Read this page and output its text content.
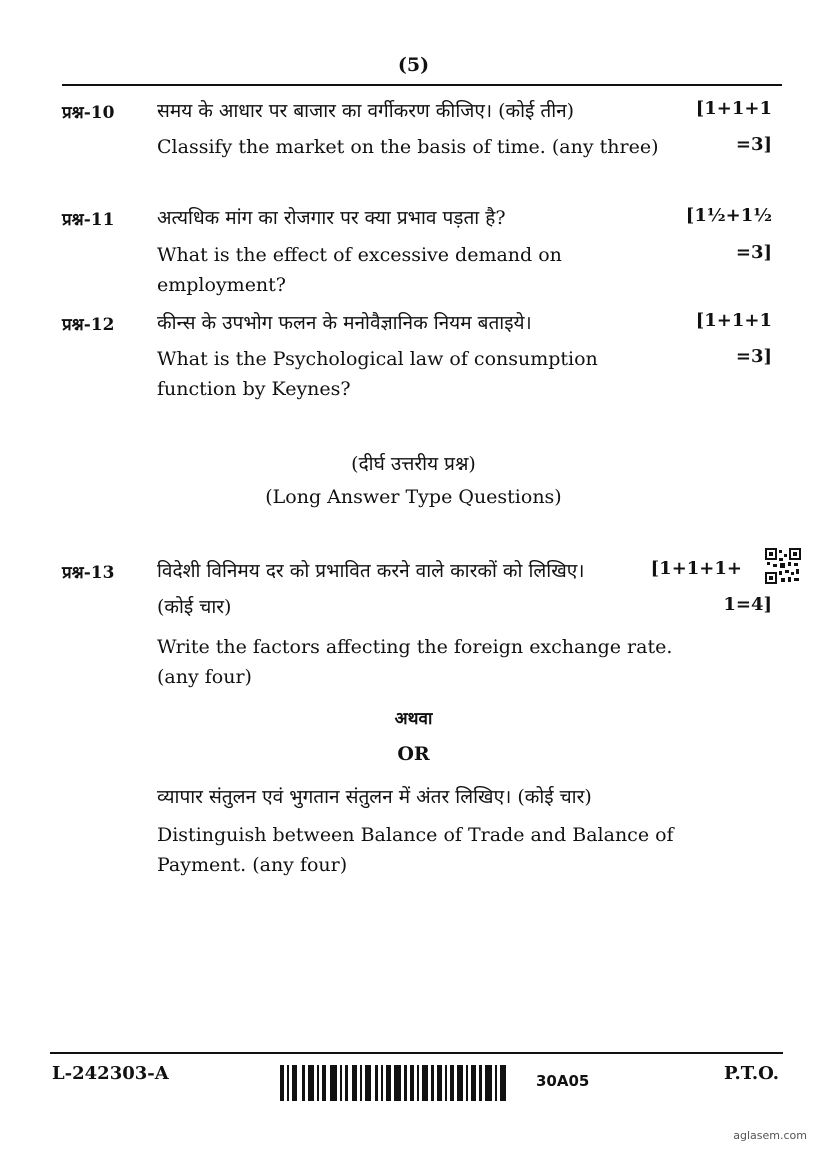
(5)
प्रश्न-10 समय के आधार पर बाजार का वर्गीकरण कीजिए। (कोई तीन)
Classify the market on the basis of time. (any three)
[1+1+1
=3]
प्रश्न-11 अत्यधिक मांग का रोजगार पर क्या प्रभाव पड़ता है?
What is the effect of excessive demand on employment?
[1½+1½
=3]
प्रश्न-12 कीन्स के उपभोग फलन के मनोवैज्ञानिक नियम बताइये।
What is the Psychological law of consumption function by Keynes?
[1+1+1
=3]
(दीर्घ उत्तरीय प्रश्न)
(Long Answer Type Questions)
प्रश्न-13 विदेशी विनिमय दर को प्रभावित करने वाले कारकों को लिखिए।
(कोई चार)
Write the factors affecting the foreign exchange rate. (any four)
[1+1+1+
1=4]
अथवा
OR
व्यापार संतुलन एवं भुगतान संतुलन में अंतर लिखिए। (कोई चार)
Distinguish between Balance of Trade and Balance of Payment. (any four)
L-242303-A	30A05	P.T.O.
aglasem.com
